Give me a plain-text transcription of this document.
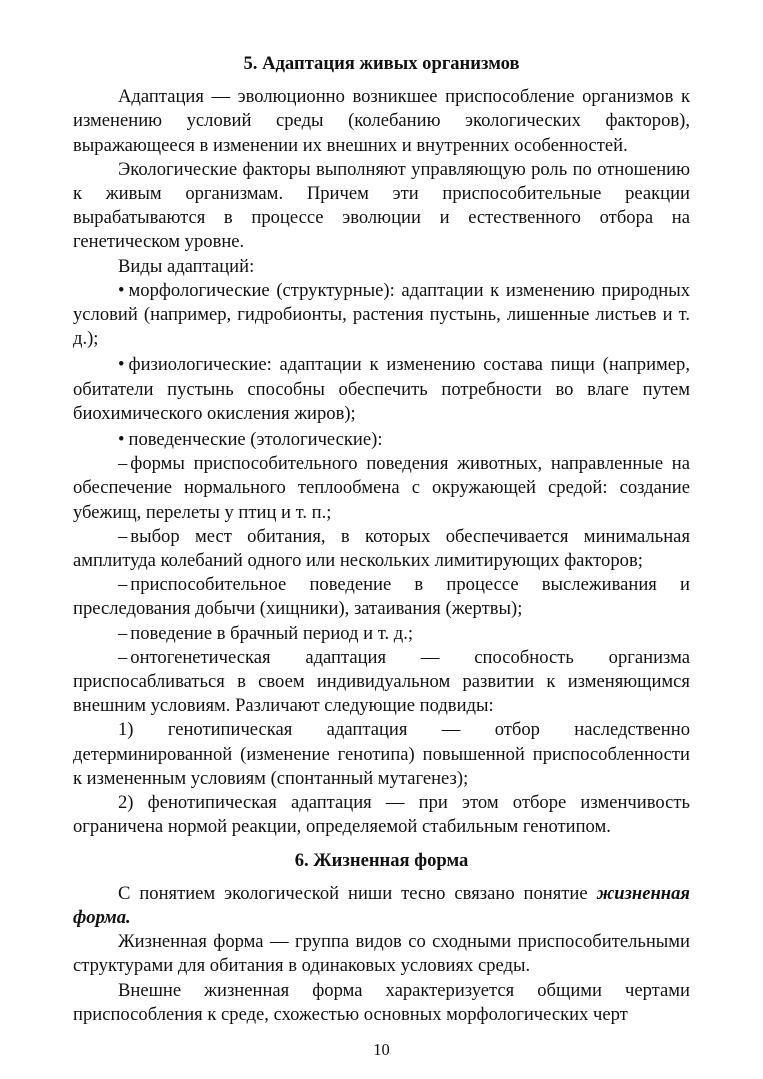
5. Адаптация живых организмов

Адаптация — эволюционно возникшее приспособление организмов к изменению условий среды (колебанию экологических факторов), выражающееся в изменении их внешних и внутренних особенностей.

Экологические факторы выполняют управляющую роль по отношению к живым организмам. Причем эти приспособительные реакции вырабатываются в процессе эволюции и естественного отбора на генетическом уровне.

Виды адаптаций:

• морфологические (структурные): адаптации к изменению природных условий (например, гидробионты, растения пустынь, лишенные листьев и т. д.);

• физиологические: адаптации к изменению состава пищи (например, обитатели пустынь способны обеспечить потребности во влаге путем биохимического окисления жиров);

• поведенческие (этологические):

– формы приспособительного поведения животных, направленные на обеспечение нормального теплообмена с окружающей средой: создание убежищ, перелеты у птиц и т. п.;

– выбор мест обитания, в которых обеспечивается минимальная амплитуда колебаний одного или нескольких лимитирующих факторов;

– приспособительное поведение в процессе выслеживания и преследования добычи (хищники), затаивания (жертвы);

– поведение в брачный период и т. д.;

– онтогенетическая адаптация — способность организма приспосабливаться в своем индивидуальном развитии к изменяющимся внешним условиям. Различают следующие подвиды:

1) генотипическая адаптация — отбор наследственно детерминированной (изменение генотипа) повышенной приспособленности к измененным условиям (спонтанный мутагенез);

2) фенотипическая адаптация — при этом отборе изменчивость ограничена нормой реакции, определяемой стабильным генотипом.

6. Жизненная форма

С понятием экологической ниши тесно связано понятие жизненная форма.

Жизненная форма — группа видов со сходными приспособительными структурами для обитания в одинаковых условиях среды.

Внешне жизненная форма характеризуется общими чертами приспособления к среде, схожестью основных морфологических черт

10
